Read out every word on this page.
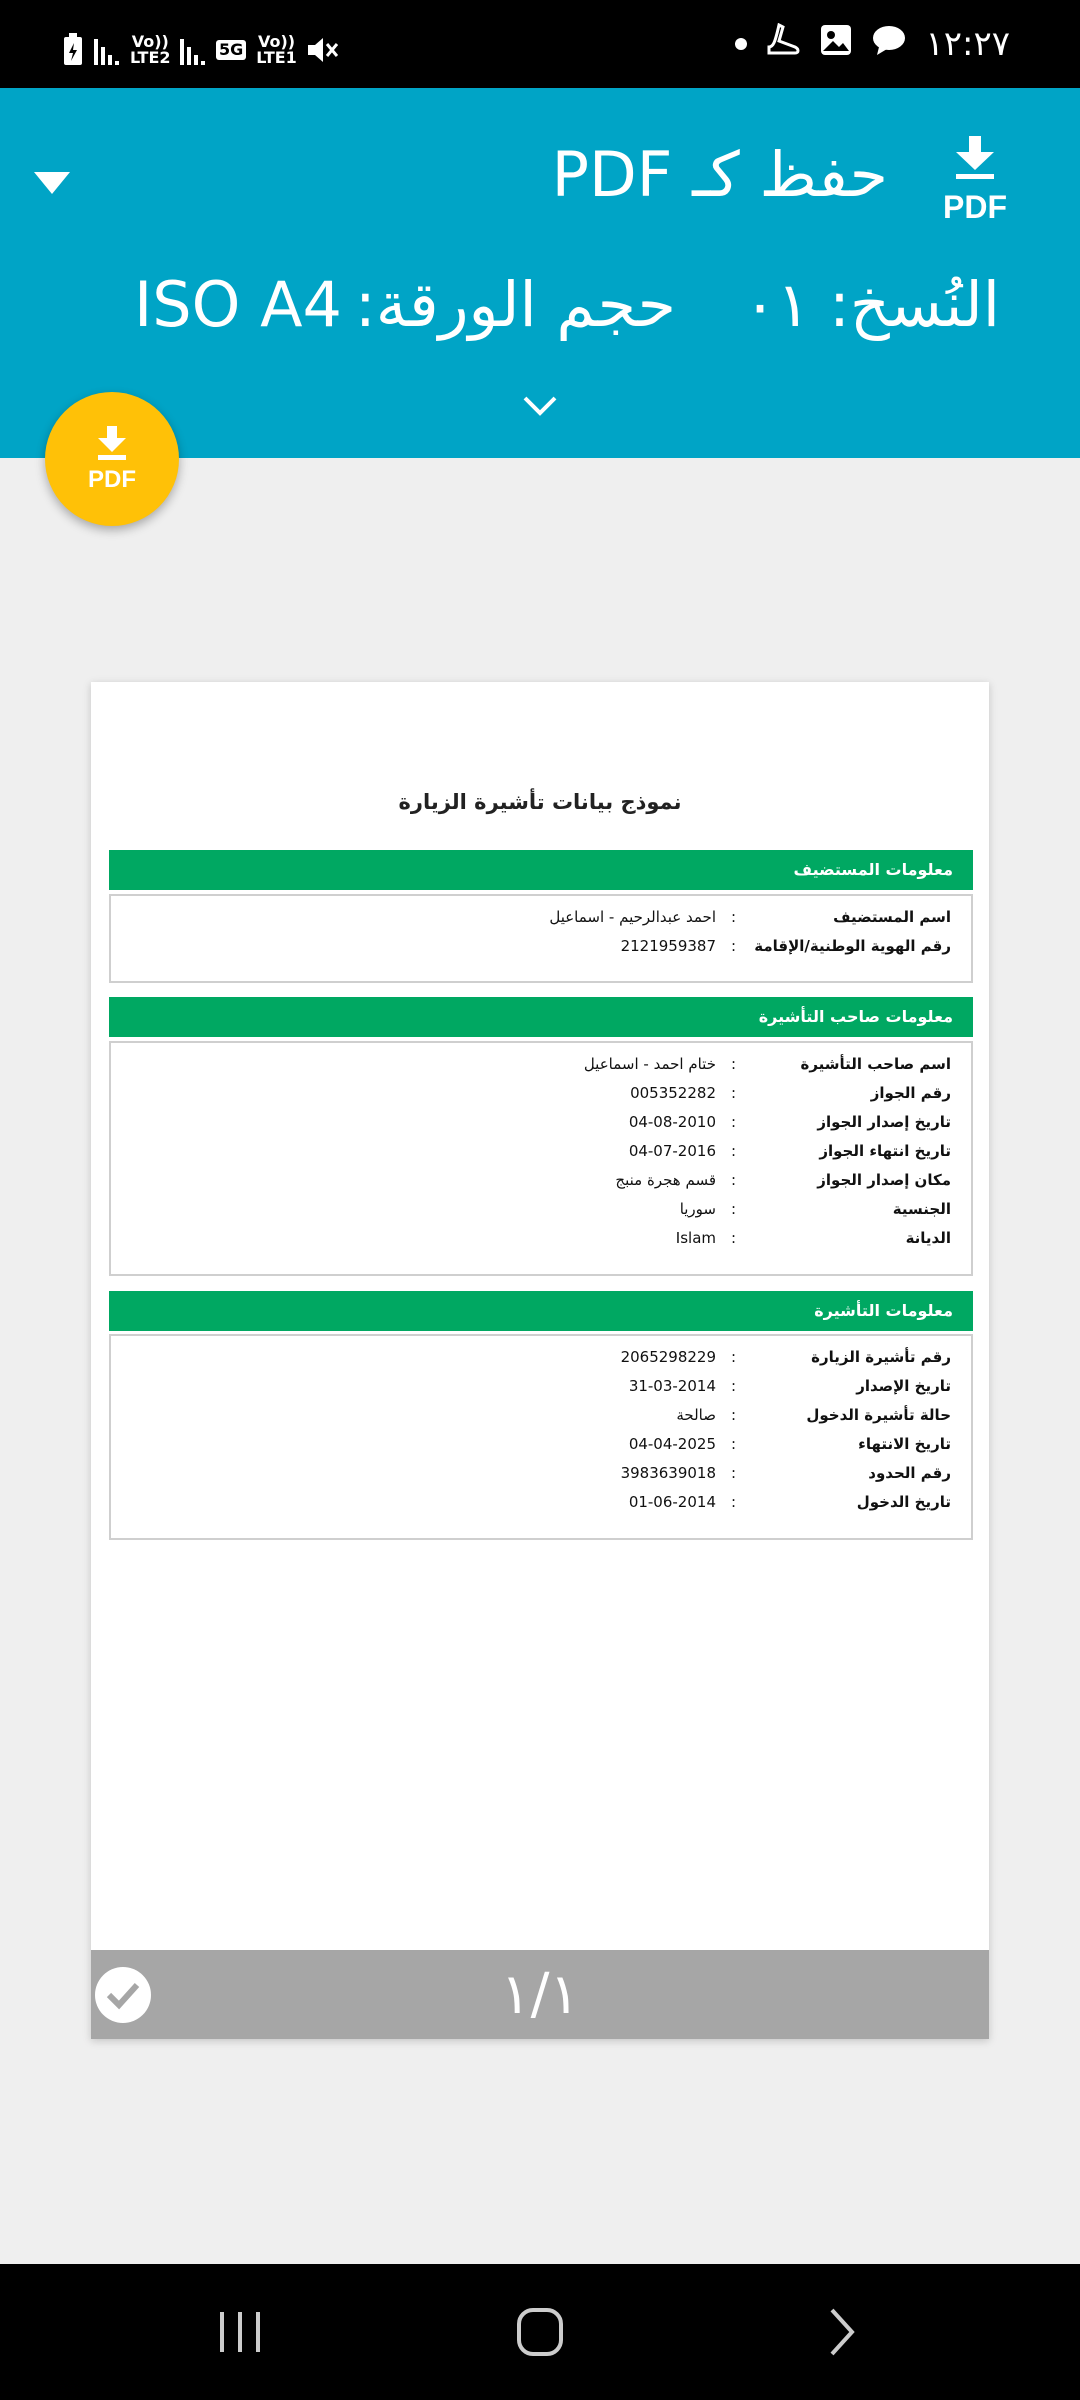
Vo)) LTE2	5G Vo)) LTE1	١٢:٢٧
حفظ كـ PDF PDF
النُسخ:
٠١
حجم الورقة:
ISO A4
PDF
نموذج بيانات تأشيرة الزيارة
معلومات المستضيف
اسم المستضيف
:
احمد عبدالرحيم - اسماعيل
رقم الهوية الوطنية/الإقامة
:
2121959387
معلومات صاحب التأشيرة
اسم صاحب التأشيرة
:
ختام احمد - اسماعيل
رقم الجواز
:
005352282
تاريخ إصدار الجواز
:
04-08-2010
تاريخ انتهاء الجواز
:
04-07-2016
مكان إصدار الجواز
:
قسم هجرة منبج
الجنسية
:
سوريا
الديانة
:
Islam
معلومات التأشيرة
رقم تأشيرة الزيارة
:
2065298229
تاريخ الإصدار
:
31-03-2014
حالة تأشيرة الدخول
:
صالحة
تاريخ الانتهاء
:
04-04-2025
رقم الحدود
:
3983639018
تاريخ الدخول
:
01-06-2014
١/١
